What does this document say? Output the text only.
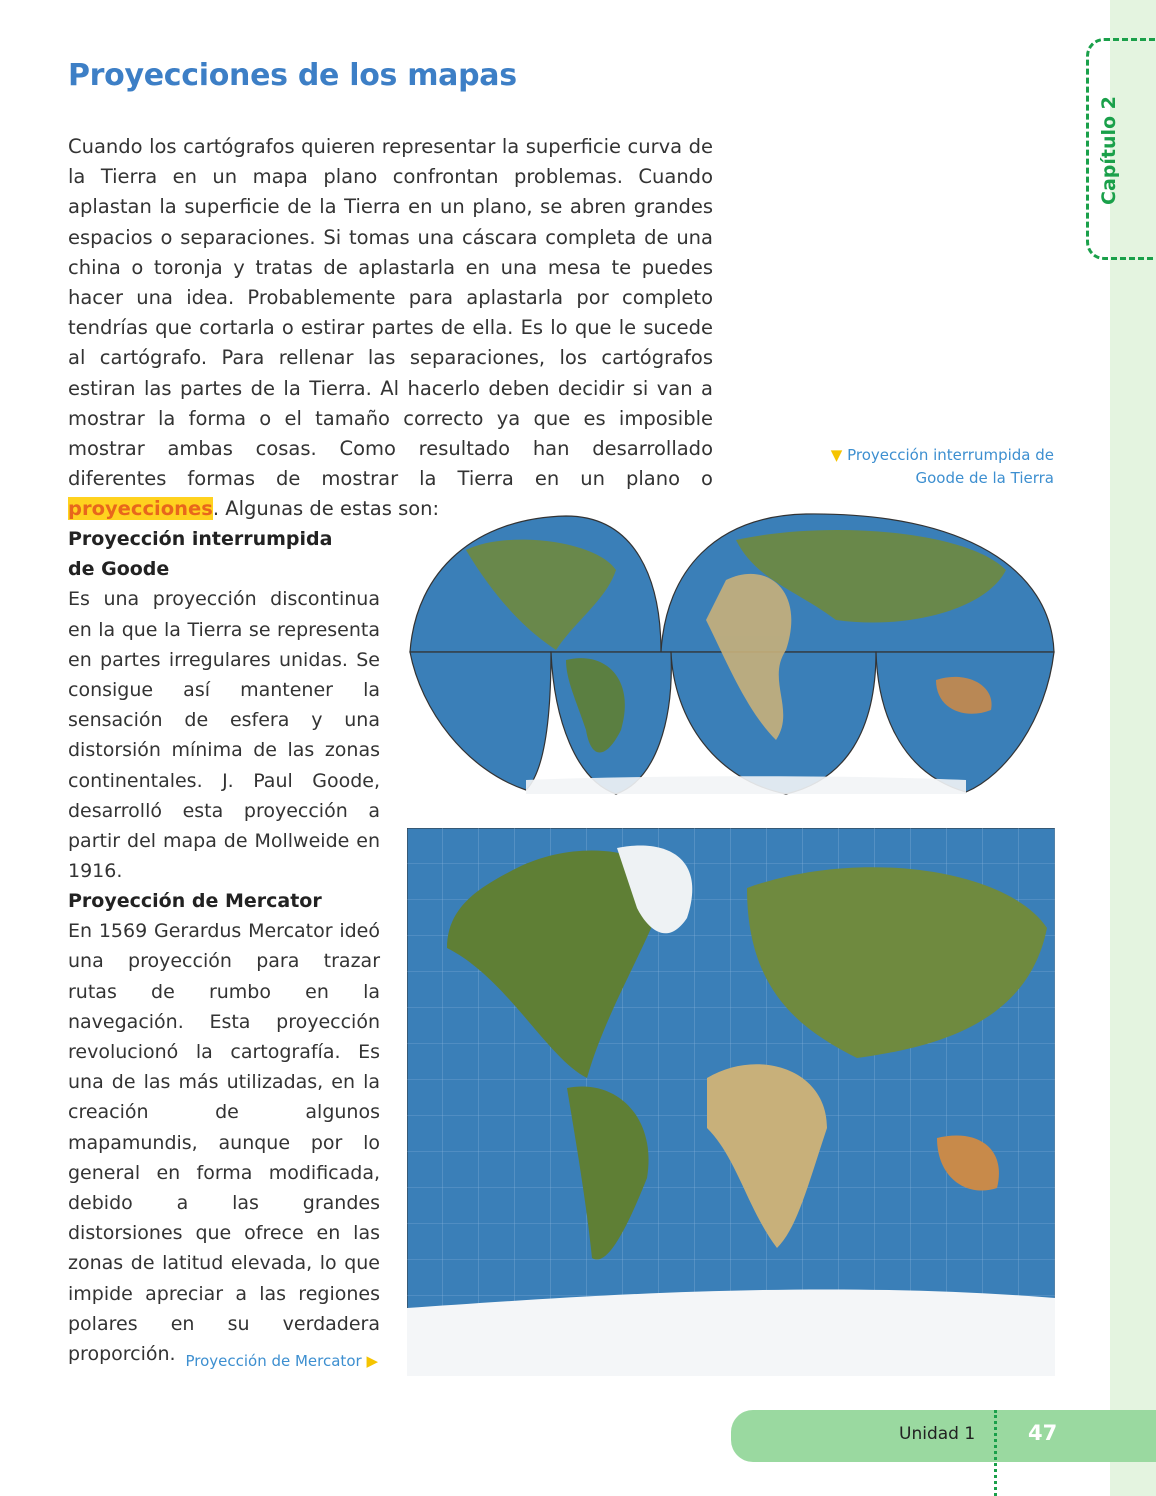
Capítulo 2
Proyecciones de los mapas

Cuando los cartógrafos quieren representar la superficie curva de la Tierra en un mapa plano confrontan problemas. Cuando aplastan la superficie de la Tierra en un plano, se abren grandes espacios o separaciones. Si tomas una cáscara completa de una china o toronja y tratas de aplastarla en una mesa te puedes hacer una idea. Probablemente para aplastarla por completo tendrías que cortarla o estirar partes de ella. Es lo que le sucede al cartógrafo. Para rellenar las separaciones, los cartógrafos estiran las partes de la Tierra. Al hacerlo deben decidir si van a mostrar la forma o el tamaño correcto ya que es imposible mostrar ambas cosas. Como resultado han desarrollado diferentes formas de mostrar la Tierra en un plano o proyecciones. Algunas de estas son:

▼ Proyección interrumpida de Goode de la Tierra
Proyección interrumpida de Goode
Es una proyección discontinua en la que la Tierra se representa en partes irregulares unidas. Se consigue así mantener la sensación de esfera y una distorsión mínima de las zonas continentales. J. Paul Goode, desarrolló esta proyección a partir del mapa de Mollweide en 1916.
Proyección de Mercator
En 1569 Gerardus Mercator ideó una proyección para trazar rutas de rumbo en la navegación. Esta proyección revolucionó la cartografía. Es una de las más utilizadas, en la creación de algunos mapamundis, aunque por lo general en forma modificada, debido a las grandes distorsiones que ofrece en las zonas de latitud elevada, lo que impide apreciar a las regiones polares en su verdadera proporción. Proyección de Mercator ▶
Unidad 1	47
